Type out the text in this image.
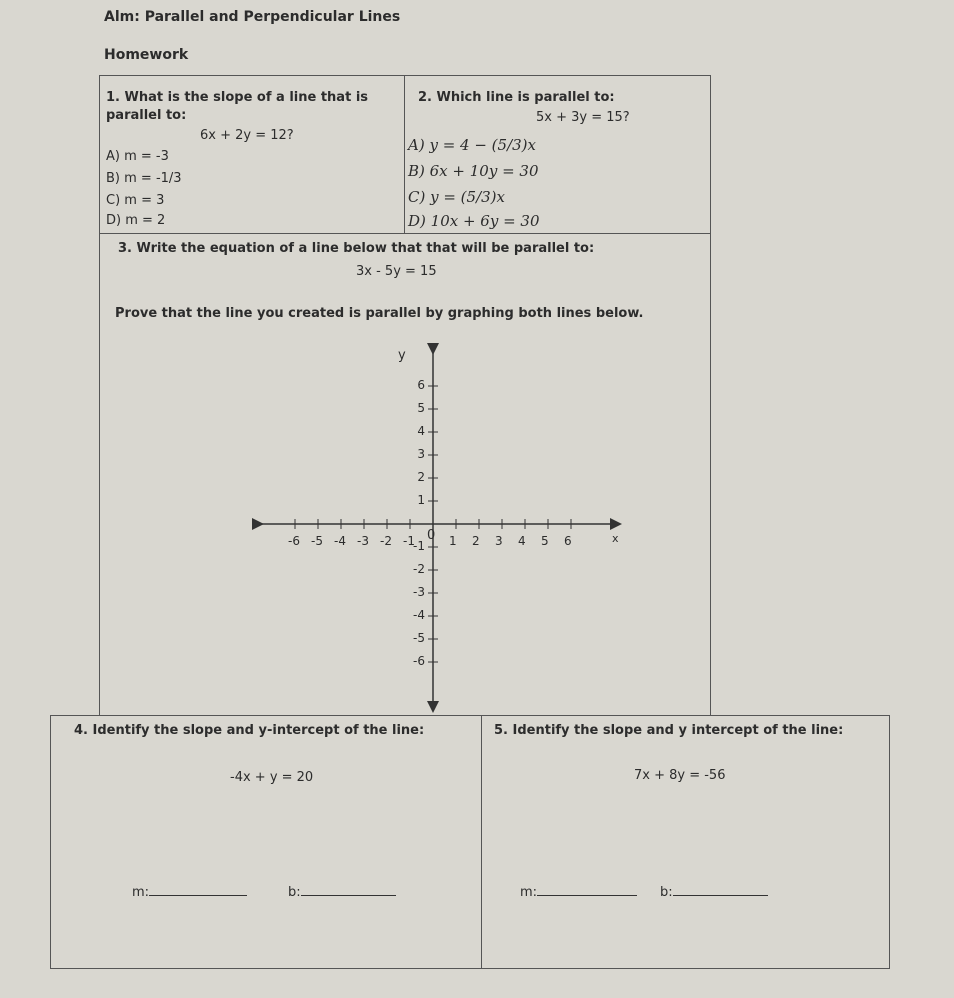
Alm: Parallel and Perpendicular Lines
Homework
1. What is the slope of a line that is
parallel to:
6x + 2y = 12?
A) m = -3
B) m = -1/3
C) m = 3
D) m = 2
2. Which line is parallel to:
5x + 3y = 15?
A) y = 4 − (5/3)x
B) 6x + 10y = 30
C) y = (5/3)x
D) 10x + 6y = 30
3. Write the equation of a line below that that will be parallel to:
3x - 5y = 15
Prove that the line you created is parallel by graphing both lines below.
y
x
0
-6 -5 -4 -3 -2 -1	1 2 3 4 5 6
6
5
4
3
2
1
-1
-2
-3
-4
-5
-6
4. Identify the slope and y-intercept of the line:
-4x + y = 20
m:	b:
5. Identify the slope and y intercept of the line:
7x + 8y = -56
m:	b:
